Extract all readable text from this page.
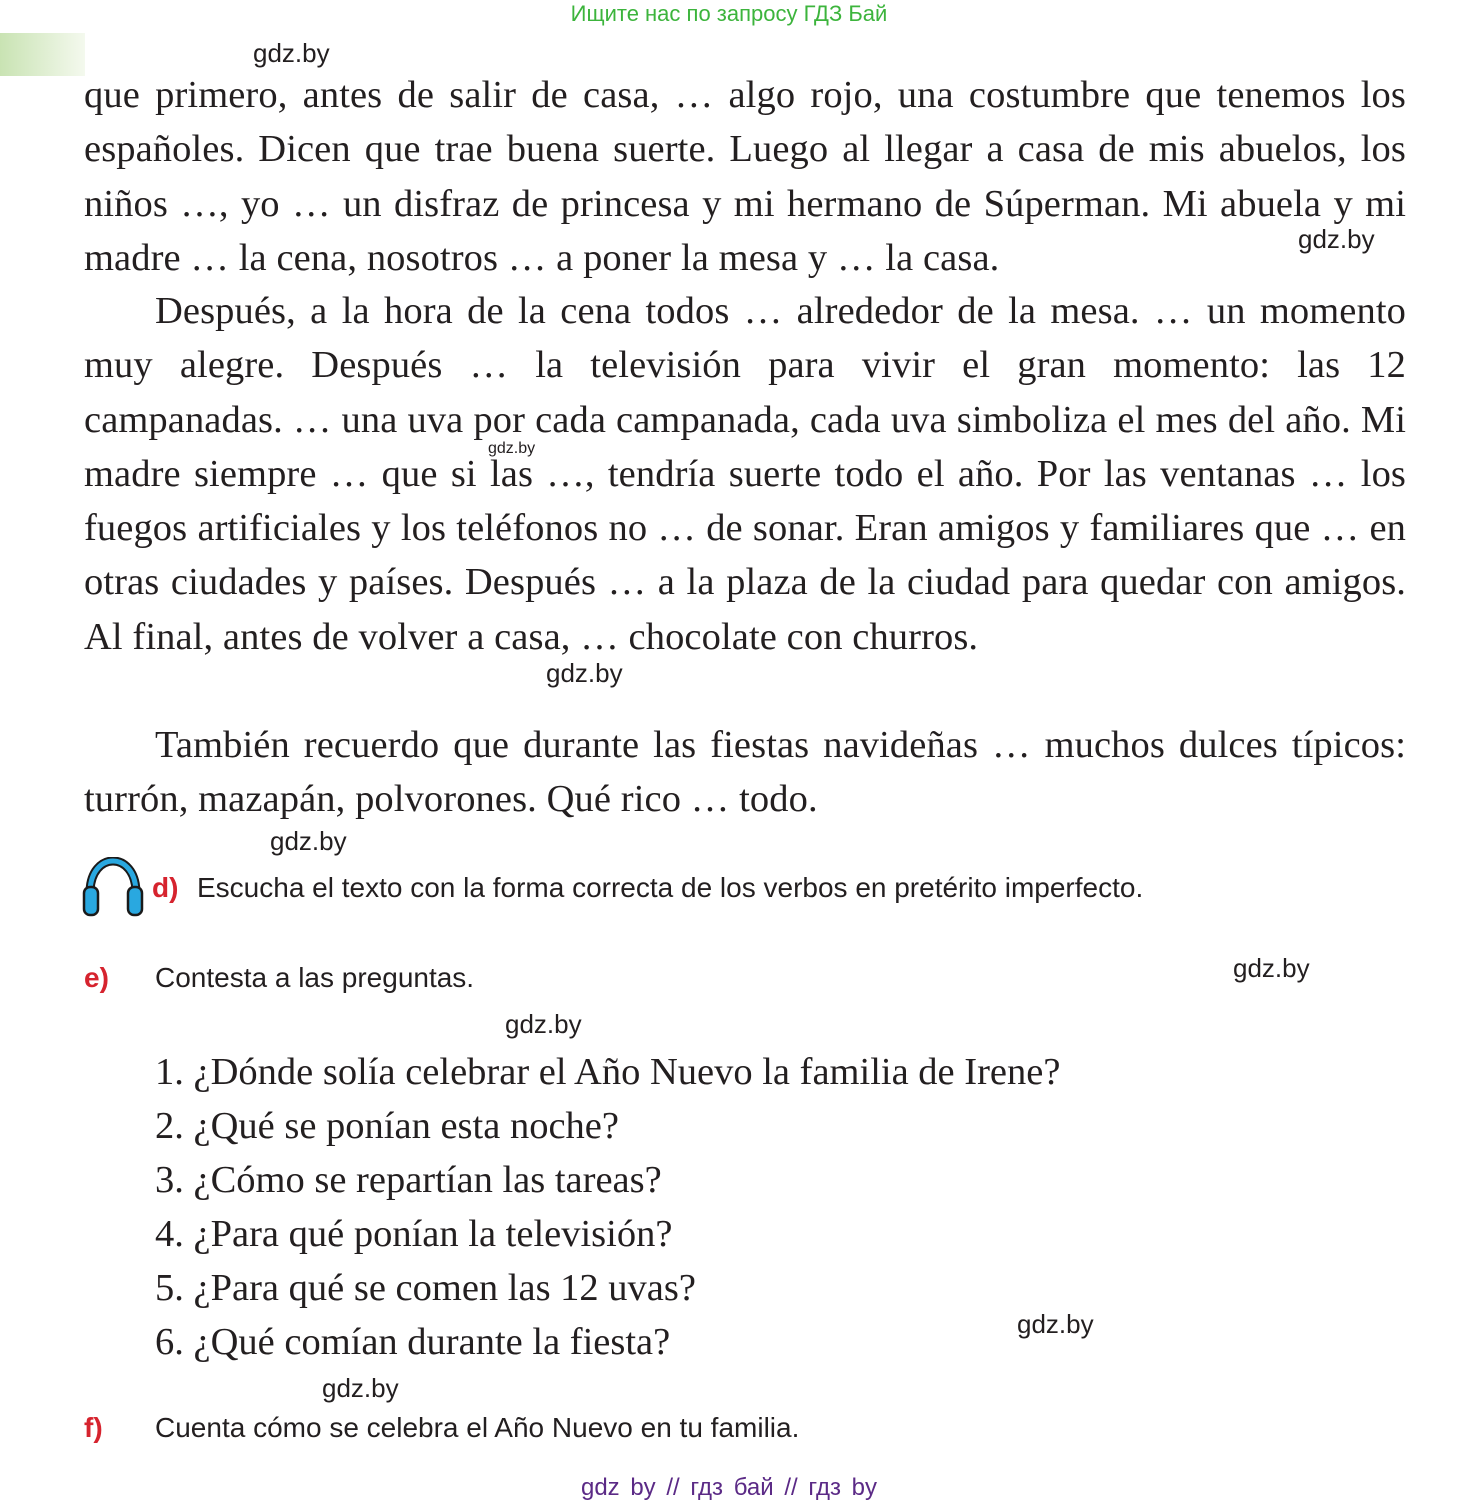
Ищите нас по запросу ГДЗ Бай
gdz.by

que primero, antes de salir de casa, … algo rojo, una costumbre que tenemos los españoles. Dicen que trae buena suerte. Luego al llegar a casa de mis abuelos, los niños …, yo … un disfraz de princesa y mi hermano de Súperman. Mi abuela y mi madre … la cena, nosotros … a poner la mesa y … la casa.	gdz.by

Después, a la hora de la cena todos … alrededor de la mesa. … un momento muy alegre. Después … la televisión para vivir el gran momento: las 12 campanadas. … una uva por cada campanada, cada uva simboliza el mes del año. Mi madre siempre … que si las …, tendría suerte todo el año. Por las ventanas … los fuegos artificiales y los teléfonos no … de sonar. Eran amigos y familiares que … en otras ciudades y países. Después … a la plaza de la ciudad para quedar con amigos. Al final, antes de volver a casa, … chocolate con churros.

gdz.by
gdz.by

También recuerdo que durante las fiestas navideñas … muchos dulces típicos: turrón, mazapán, polvorones. Qué rico … todo.

gdz.by
d) Escucha el texto con la forma correcta de los verbos en pretérito imperfecto.
e) Contesta a las preguntas.	gdz.by
gdz.by
1. ¿Dónde solía celebrar el Año Nuevo la familia de Irene?
2. ¿Qué se ponían esta noche?
3. ¿Cómo se repartían las tareas?
4. ¿Para qué ponían la televisión?
5. ¿Para qué se comen las 12 uvas?
6. ¿Qué comían durante la fiesta?	gdz.by
gdz.by
f) Cuenta cómo se celebra el Año Nuevo en tu familia.
gdz by // гдз бай // гдз by
